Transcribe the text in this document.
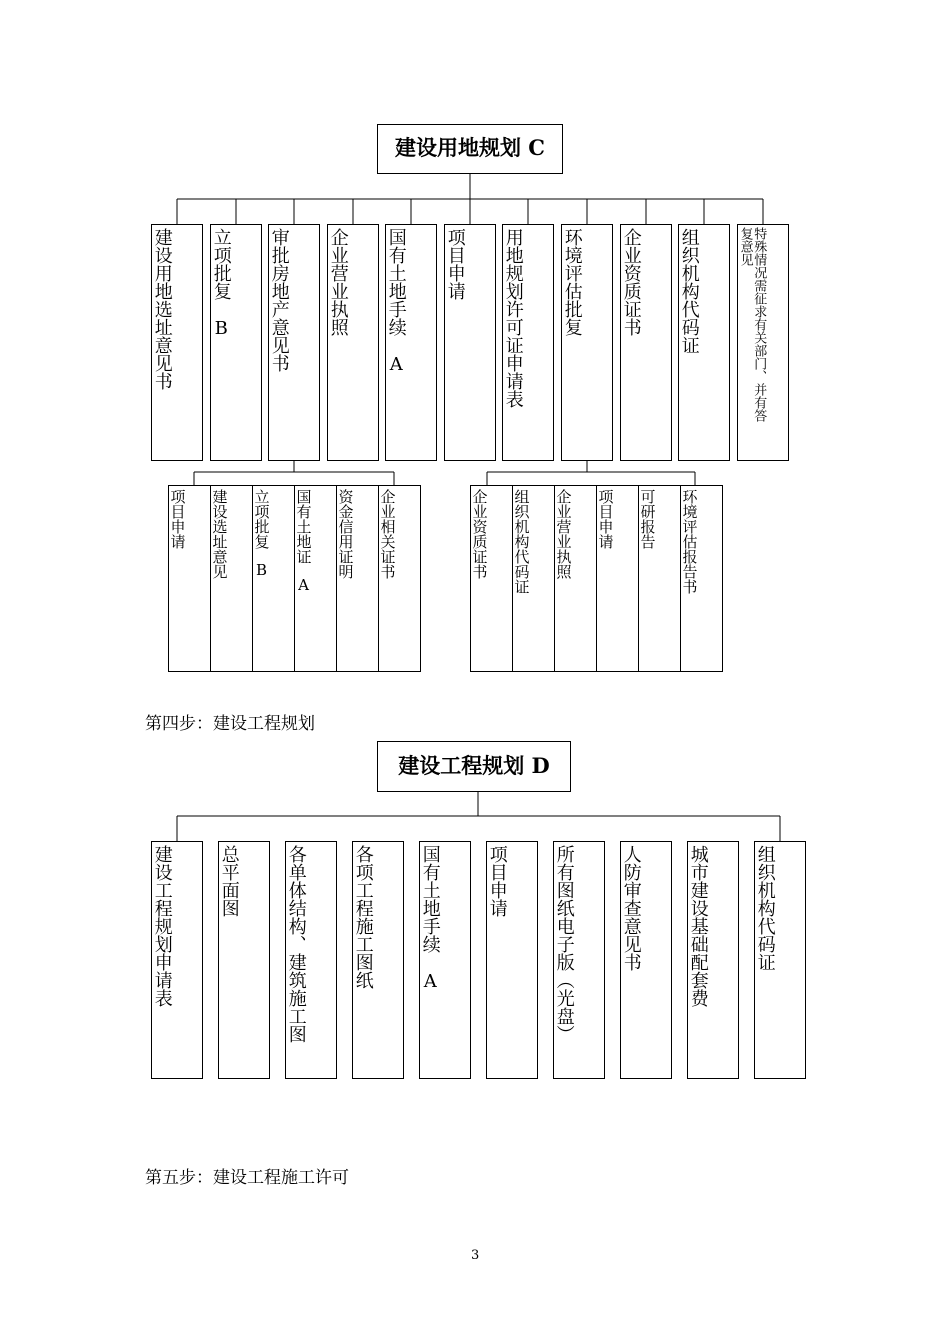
建设用地规划 C
建设用地选址意见书 立项批复B 审批房地产意见书 企业营业执照 国有土地手续A
项目申请 用地规划许可证申请表 环境评估批复 企业资质证书 组织机构代码证	特殊情况需征求有关部门、并有答复意见
项目申请 建设选址意见 立项批复B
国有土地证A
资金信用证明 企业相关证书	企业资质证书 组织机构代码证 企业营业执照 项目申请 可研报告 环境评估报告书
第四步：建设工程规划
建设工程规划 D
建设工程规划申请表	总平面图	各单体结构、建筑施工图	各项工程施工图纸	国有土地手续A
项目申请	所有图纸电子版（光盘）	人防审查意见书	城市建设基础配套费	组织机构代码证
第五步：建设工程施工许可
3
